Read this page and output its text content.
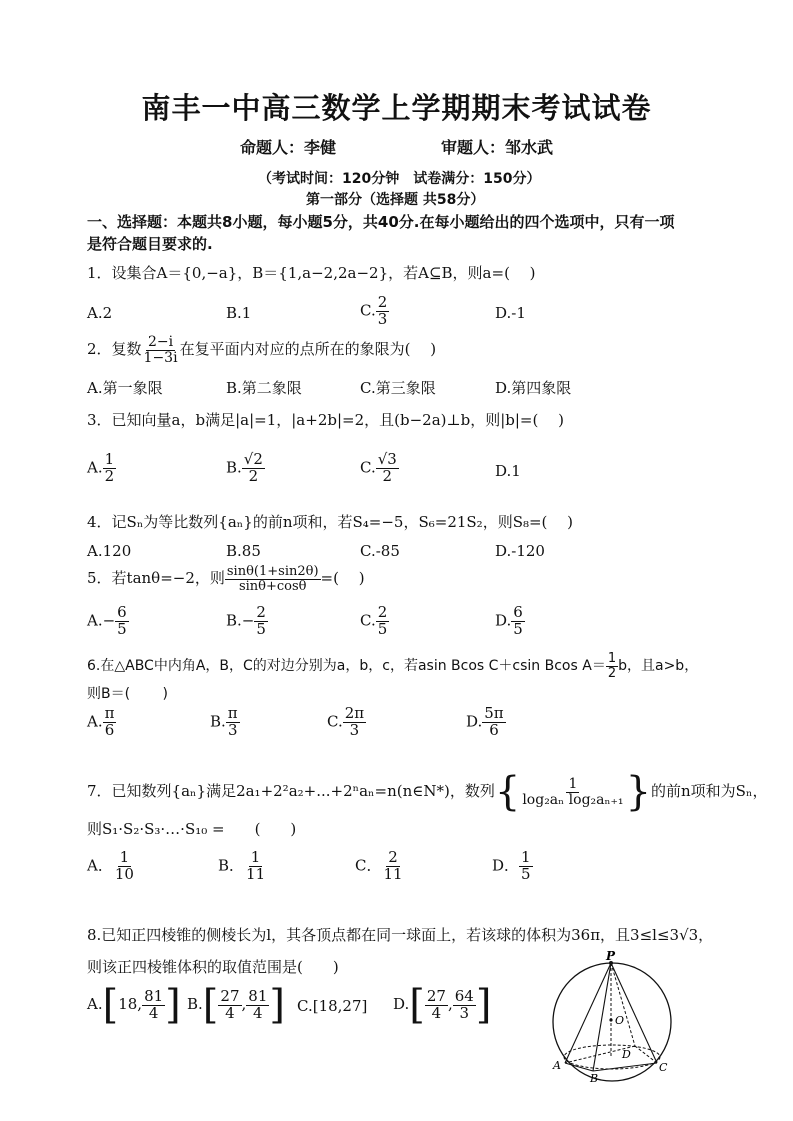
南丰一中高三数学上学期期末考试试卷
命题人：李健	审题人：邹水武
（考试时间：120分钟　试卷满分：150分）
第一部分（选择题 共58分）
一、选择题：本题共8小题，每小题5分，共40分.在每小题给出的四个选项中，只有一项
是符合题目要求的.
1．设集合A＝{0,−a}，B＝{1,a−2,2a−2}，若A⊆B，则a=(　 )
A.2	B.1	C. $\frac{2}{3}$	D.-1
2．复数 $\frac{2-i}{1-3i}$ 在复平面内对应的点所在的象限为(　 )
A.第一象限	B.第二象限	C.第三象限	D.第四象限
3．已知向量a，b满足|a|=1，|a+2b|=2，且(b−2a)⊥b，则|b|=(　 )
A. $\frac{1}{2}$	B. $\frac{√2}{2}$	C. $\frac{√3}{2}$	D.1
4．记Sₙ为等比数列{aₙ}的前n项和，若S₄=−5，S₆=21S₂，则S₈=(　 )
A.120	B.85	C.-85	D.-120
5．若tanθ=−2，则 $\frac{\sin\theta(1+\sin 2\theta)}{\sin\theta+\cos\theta}$ =(　 )
$A.- \frac{6}{5}$	$B.- \frac{2}{5}$	C. $\frac{2}{5}$	D. $\frac{6}{5}$
6.在△ABC中内角A，B，C的对边分别为a，b，c，若asin Bcos C＋csin Bcos $A= \frac{1}{2}$ b，且a>b，
则B＝(　 　)
A. $\frac{\pi}{6}$	B. $\frac{\pi}{3}$	C. $\frac{2\pi}{3}$	D. $\frac{5\pi}{6}$
7．已知数列{aₙ}满足2a₁+2²a₂+...+2ⁿaₙ=n(n∈N*)，数列{ $\frac{1}{\text{log₂aₙ log₂aₙ₊₁}}$ }的前n项和为Sₙ，
则S₁·S₂·S₃·…·S₁₀ =　　(　　)
A． $\frac{1}{10}$	B． $\frac{1}{11}$	C． $\frac{2}{11}$	D． $\frac{1}{5}$
8.已知正四棱锥的侧棱长为l，其各顶点都在同一球面上，若该球的体积为36π，且3≤l≤3√3，
则该正四棱锥体积的取值范围是(　　)
A.[18, $\frac{81}{4}$ ] $B.[ \frac{27}{4}$ , $\frac{81}{4}$ ] C.[18,27] $D.[ \frac{27}{4}$ , $\frac{64}{3}$ ]
P
O
D
A
B
C
